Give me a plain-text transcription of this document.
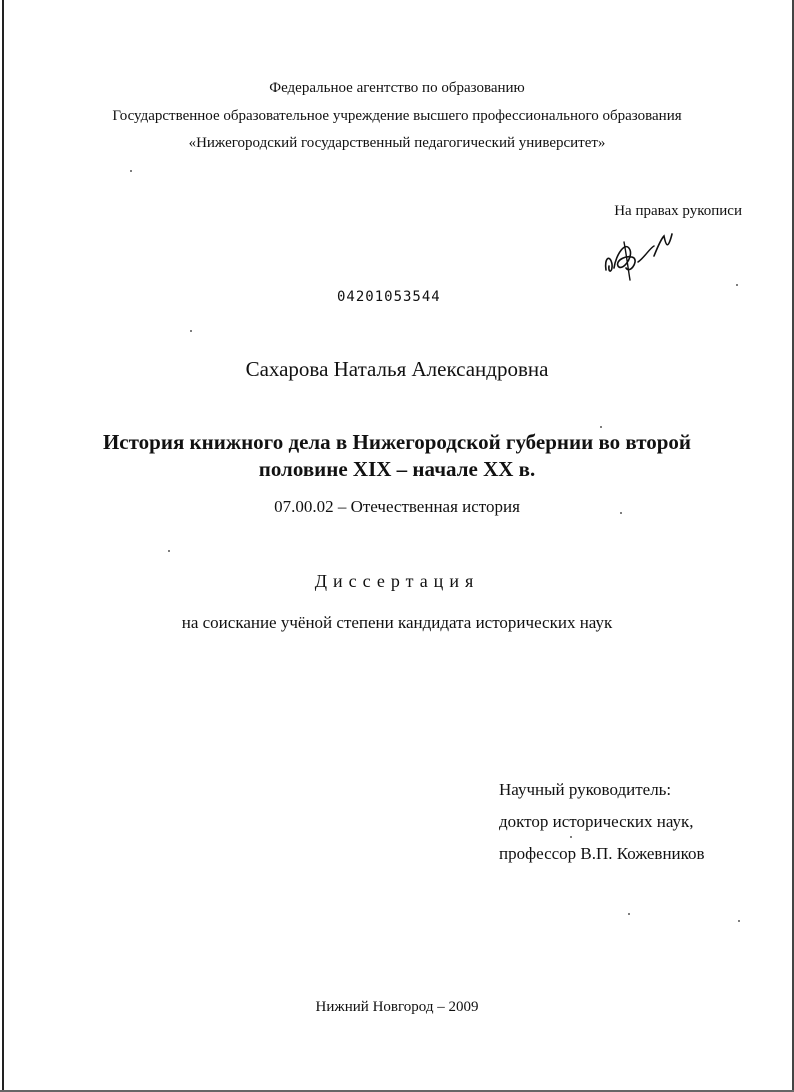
Федеральное агентство по образованию
Государственное образовательное учреждение высшего профессионального образования
«Нижегородский государственный педагогический университет»
На правах рукописи
04201053544
Сахарова Наталья Александровна
История книжного дела в Нижегородской губернии во второй
половине XIX – начале XX в.
07.00.02 – Отечественная история
Диссертация
на соискание учёной степени кандидата исторических наук
Научный руководитель:
доктор исторических наук,
профессор В.П. Кожевников
Нижний Новгород – 2009
